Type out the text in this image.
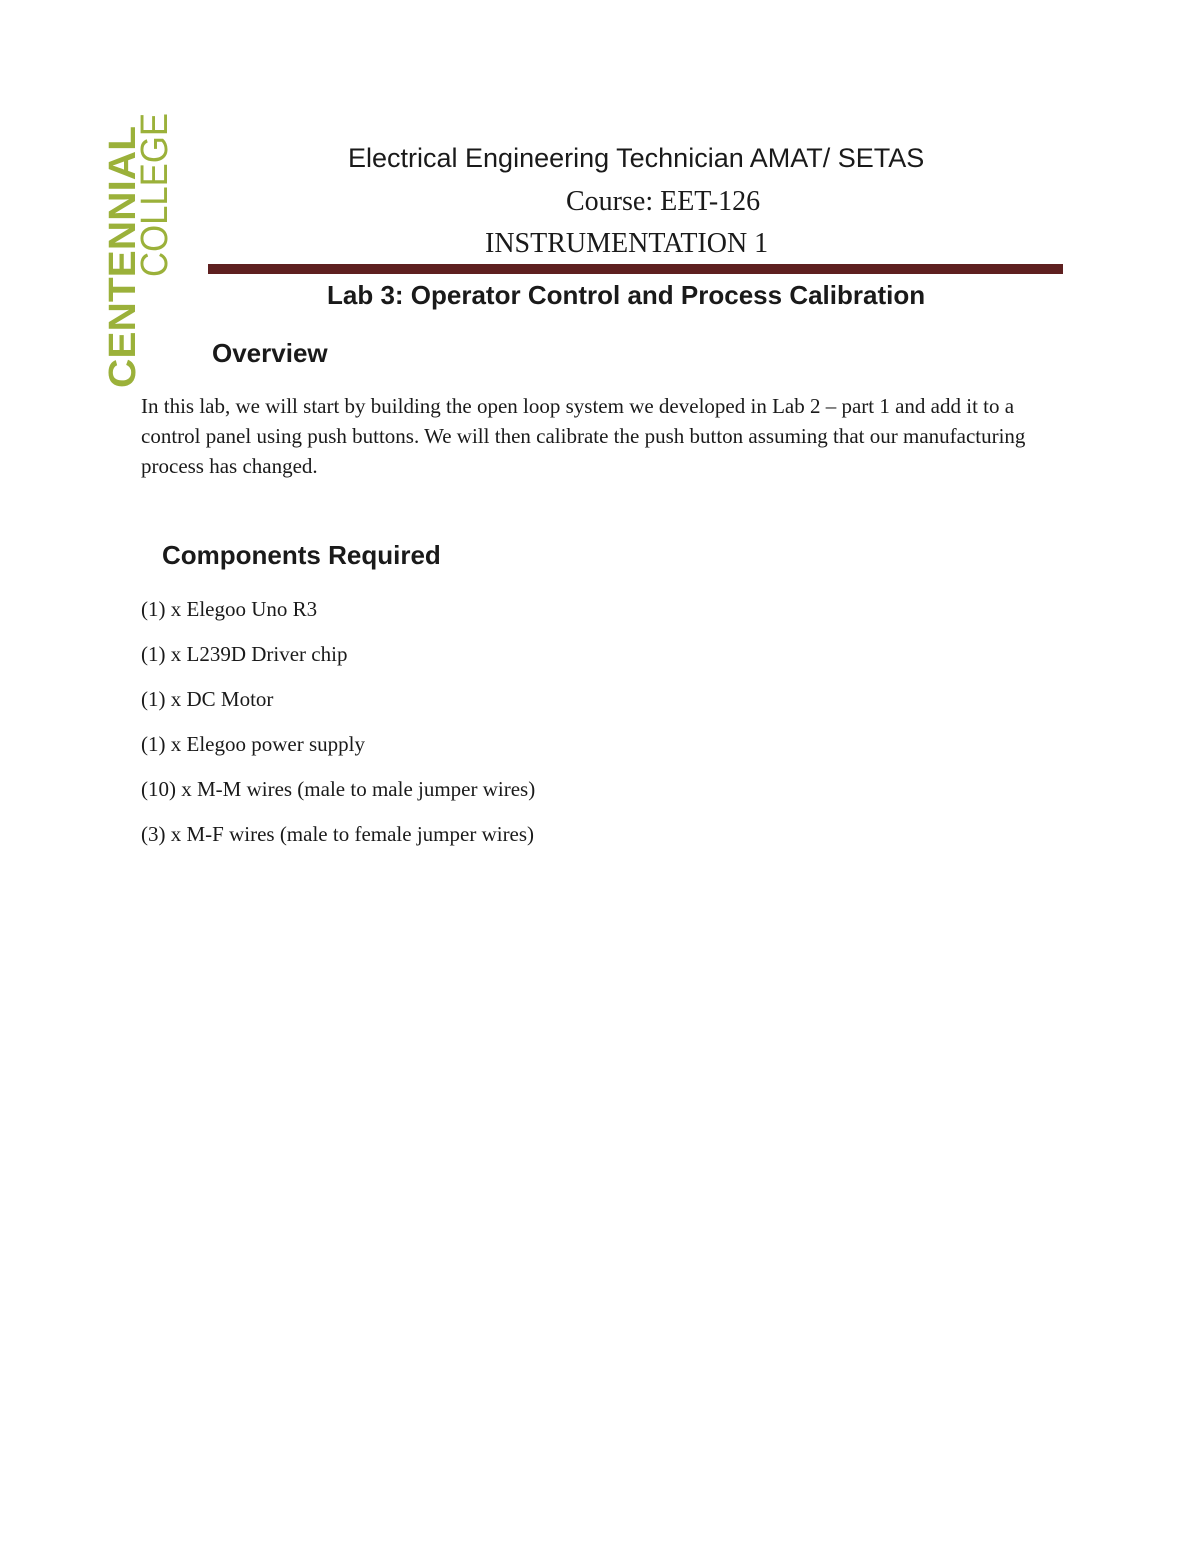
CENTENNIAL
COLLEGE	Electrical Engineering Technician AMAT/ SETAS
Course: EET-126
INSTRUMENTATION 1
Lab 3: Operator Control and Process Calibration
Overview

In this lab, we will start by building the open loop system we developed in Lab 2 – part 1 and add it to a control panel using push buttons. We will then calibrate the push button assuming that our manufacturing process has changed.

Components Required
(1) x Elegoo Uno R3
(1) x L239D Driver chip
(1) x DC Motor
(1) x Elegoo power supply
(10) x M-M wires (male to male jumper wires)
(3) x M-F wires (male to female jumper wires)
